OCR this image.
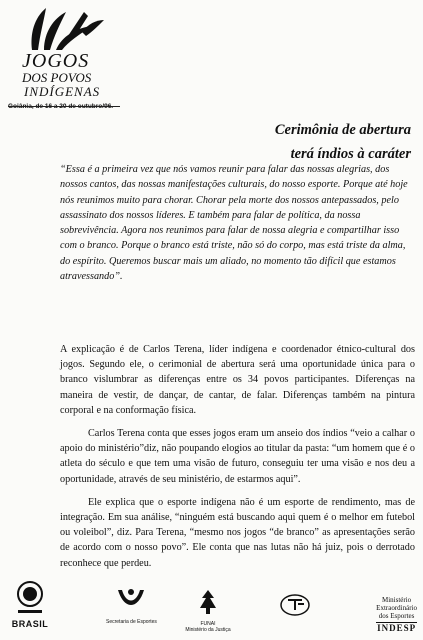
JOGOS
DOS POVOS
INDÍGENAS
Goiânia, de 16 a 20 de outubro/96.
Cerimônia de abertura
terá índios à caráter

“Essa é a primeira vez que nós vamos reunir para falar das nossas alegrias, dos nossos cantos, das nossas manifestações culturais, do nosso esporte. Porque até hoje nós reunimos muito para chorar. Chorar pela morte dos nossos antepassados, pelo assassinato dos nossos líderes. E também para falar de política, da nossa sobrevivência. Agora nos reunimos para falar de nossa alegria e compartilhar isso com o branco. Porque o branco está triste, não só do corpo, mas está triste da alma, do espírito. Queremos buscar mais um aliado, no momento tão difícil que estamos atravessando”.

A explicação é de Carlos Terena, líder indígena e coordenador étnico-cultural dos jogos. Segundo ele, o cerimonial de abertura será uma oportunidade única para o branco vislumbrar as diferenças entre os 34 povos participantes. Diferenças na maneira de vestir, de dançar, de cantar, de falar. Diferenças também na pintura corporal e na conformação física.

Carlos Terena conta que esses jogos eram um anseio dos índios “veio a calhar o apoio do ministério”diz, não poupando elogios ao titular da pasta: “um homem que é o atleta do século e que tem uma visão de futuro, conseguiu ter uma visão e nos deu a oportunidade, através de seu ministério, de estarmos aqui”.

Ele explica que o esporte indígena não é um esporte de rendimento, mas de integração. Em sua análise, “ninguém está buscando aqui quem é o melhor em futebol ou voleibol”, diz. Para Terena, “mesmo nos jogos “de branco” as apresentações serão de acordo com o nosso povo”. Ele conta que nas lutas não há juiz, pois o derrotado reconhece que perdeu.

BRASIL	Secretaria de Esportes	FUNAI
Ministério da Justiça
Ministério
Extraordinário
dos Esportes
INDESP
